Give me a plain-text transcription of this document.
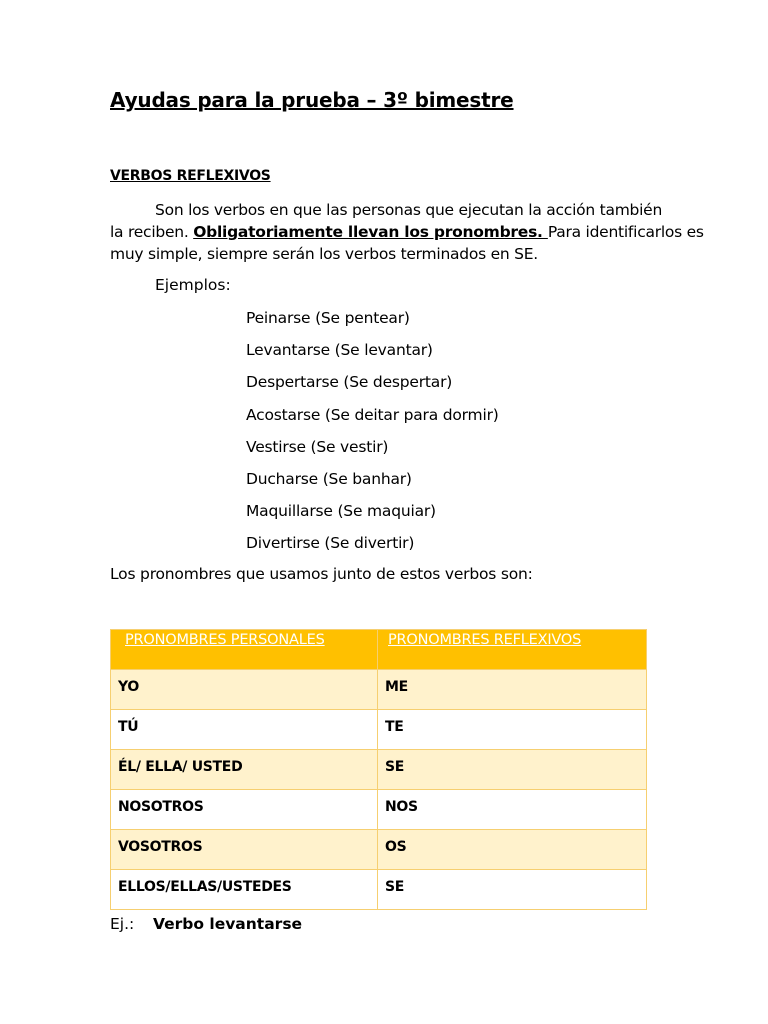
Ayudas para la prueba – 3º bimestre
VERBOS REFLEXIVOS
Son los verbos en que las personas que ejecutan la acción también
la reciben. Obligatoriamente llevan los pronombres. Para identificarlos es
muy simple, siempre serán los verbos terminados en SE.
Ejemplos:
Peinarse (Se pentear)
Levantarse (Se levantar)
Despertarse (Se despertar)
Acostarse (Se deitar para dormir)
Vestirse (Se vestir)
Ducharse (Se banhar)
Maquillarse (Se maquiar)
Divertirse (Se divertir)
Los pronombres que usamos junto de estos verbos son:
PRONOMBRES PERSONALES	PRONOMBRES REFLEXIVOS
YO	ME
TÚ	TE
ÉL/ ELLA/ USTED	SE
NOSOTROS	NOS
VOSOTROS	OS
ELLOS/ELLAS/USTEDES	SE
Ej.: Verbo levantarse
